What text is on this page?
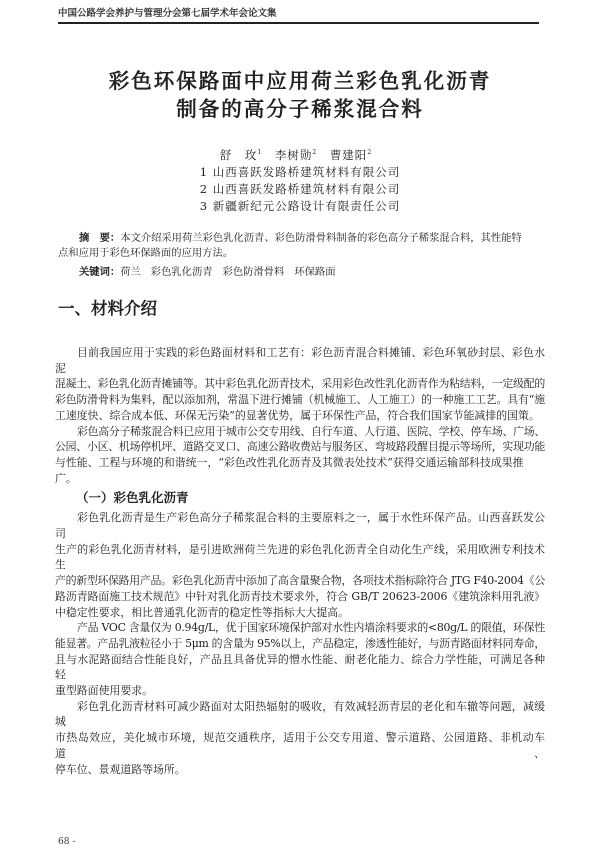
中国公路学会养护与管理分会第七届学术年会论文集
彩色环保路面中应用荷兰彩色乳化沥青
制备的高分子稀浆混合料
舒　玫$^1$ 李树勋$^2$ 曹建阳$^2$
1 山西喜跃发路桥建筑材料有限公司
2 山西喜跃发路桥建筑材料有限公司
3 新疆新纪元公路设计有限责任公司
摘　要：本文介绍采用荷兰彩色乳化沥青、彩色防滑骨料制备的彩色高分子稀浆混合料，其性能特
点和应用于彩色环保路面的应用方法。
关键词：荷兰 彩色乳化沥青 彩色防滑骨料 环保路面
一、材料介绍
目前我国应用于实践的彩色路面材料和工艺有：彩色沥青混合料摊铺、彩色环氧砂封层、彩色水泥
混凝土、彩色乳化沥青摊铺等。其中彩色乳化沥青技术，采用彩色改性乳化沥青作为粘结料，一定级配的
彩色防滑骨料为集料，配以添加剂，常温下进行摊铺（机械施工、人工施工）的一种施工工艺。具有“施
工速度快、综合成本低、环保无污染”的显著优势，属于环保性产品，符合我们国家节能减排的国策。
彩色高分子稀浆混合料已应用于城市公交专用线、自行车道、人行道、医院、学校、停车场、广场、
公园、小区、机场停机坪、道路交叉口、高速公路收费站与服务区、弯坡路段醒目提示等场所，实现功能
与性能、工程与环境的和谐统一，“彩色改性乳化沥青及其微表处技术”获得交通运输部科技成果推广。
（一）彩色乳化沥青
彩色乳化沥青是生产彩色高分子稀浆混合料的主要原料之一，属于水性环保产品。山西喜跃发公司
生产的彩色乳化沥青材料，是引进欧洲荷兰先进的彩色乳化沥青全自动化生产线，采用欧洲专利技术生
产的新型环保路用产品。彩色乳化沥青中添加了高含量聚合物，各项技术指标除符合 JTG F40-2004《公
路沥青路面施工技术规范》中针对乳化沥青技术要求外，符合 GB/T 20623-2006《建筑涂料用乳液》
中稳定性要求，相比普通乳化沥青的稳定性等指标大大提高。
产品 VOC 含量仅为 0.94g/L，优于国家环境保护部对水性内墙涂料要求的<80g/L 的限值，环保性
能显著。产品乳液粒径小于 5μm 的含量为 95%以上，产品稳定，渗透性能好，与沥青路面材料同寿命，
且与水泥路面结合性能良好，产品且具备优异的憎水性能、耐老化能力、综合力学性能，可满足各种轻
重型路面使用要求。
彩色乳化沥青材料可减少路面对太阳热辐射的吸收，有效减轻沥青层的老化和车辙等问题，减缓城
市热岛效应，美化城市环境，规范交通秩序，适用于公交专用道、警示道路、公园道路、非机动车道、
停车位、景观道路等场所。
68 -
